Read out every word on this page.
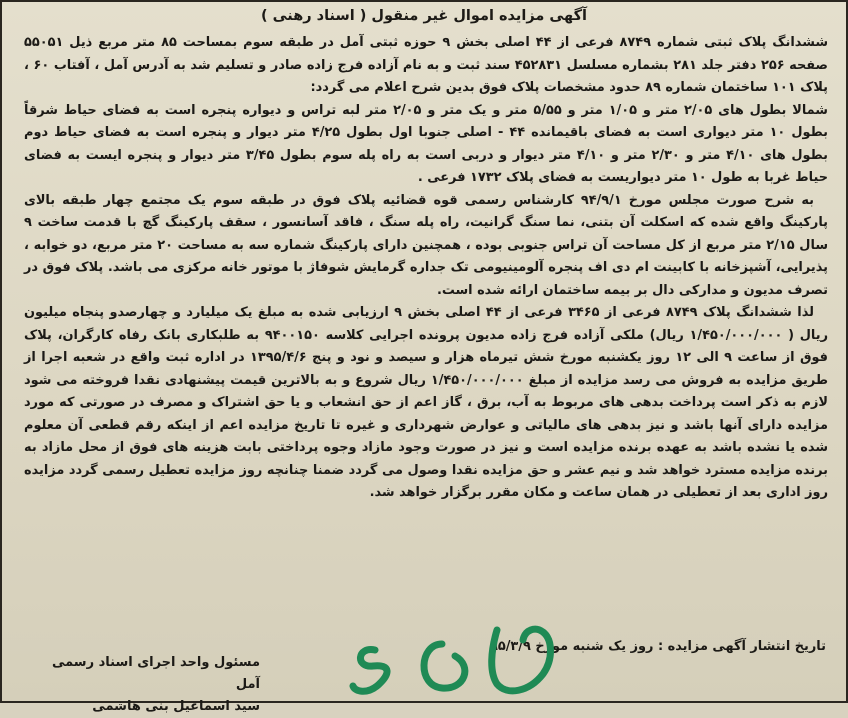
آگهی مزایده اموال غیر منقول ( اسناد رهنی )

ششدانگ پلاک ثبتی شماره ۸۷۴۹ فرعی از ۴۴ اصلی بخش ۹ حوزه ثبتی آمل در طبقه سوم بمساحت ۸۵ متر مربع ذیل ۵۵۰۵۱ صفحه ۲۵۶ دفتر جلد ۲۸۱ بشماره مسلسل ۴۵۲۸۳۱ سند ثبت و به نام آزاده فرج زاده صادر و تسلیم شد به آدرس آمل ، آفتاب ۶۰ ، پلاک ۱۰۱ ساختمان شماره ۸۹ حدود مشخصات پلاک فوق بدین شرح اعلام می گردد:

شمالا بطول های ۲/۰۵ متر و ۱/۰۵ متر و ۵/۵۵ متر و یک متر و ۲/۰۵ متر لبه تراس و دیواره پنجره است به فضای حیاط شرقاً بطول ۱۰ متر دیواری است به فضای باقیمانده ۴۴ - اصلی جنوبا اول بطول ۴/۲۵ متر دیوار و پنجره است به فضای حیاط دوم بطول های ۴/۱۰ متر و ۲/۳۰ متر و ۴/۱۰ متر دیوار و دربی است به راه پله سوم بطول ۳/۴۵ متر دیوار و پنجره ایست به فضای حیاط غربا به طول ۱۰ متر دیواریست به فضای پلاک ۱۷۳۲ فرعی .

به شرح صورت مجلس مورخ ۹۴/۹/۱ کارشناس رسمی قوه قضائیه پلاک فوق در طبقه سوم یک مجتمع چهار طبقه بالای پارکینگ واقع شده که اسکلت آن بتنی، نما سنگ گرانیت، راه پله سنگ ، فاقد آسانسور ، سقف پارکینگ گچ با قدمت ساخت ۹ سال ۲/۱۵ متر مربع از کل مساحت آن تراس جنوبی بوده ، همچنین دارای پارکینگ شماره سه به مساحت ۲۰ متر مربع، دو خوابه ، پذیرایی، آشپزخانه با کابینت ام دی اف پنجره آلومینیومی تک جداره گرمایش شوفاژ با موتور خانه مرکزی می باشد. پلاک فوق در تصرف مدیون و مدارکی دال بر بیمه ساختمان ارائه شده است.

لذا ششدانگ پلاک ۸۷۴۹ فرعی از ۳۴۶۵ فرعی از ۴۴ اصلی بخش ۹ ارزیابی شده به مبلغ یک میلیارد و چهارصدو پنجاه میلیون ریال ( ۱/۴۵۰/۰۰۰/۰۰۰ ریال) ملکی آزاده فرج زاده مدیون پرونده اجرایی کلاسه ۹۴۰۰۱۵۰ به طلبکاری بانک رفاه کارگران، پلاک فوق از ساعت ۹ الی ۱۲ روز یکشنبه مورخ شش تیرماه هزار و سیصد و نود و پنج ۱۳۹۵/۴/۶ در اداره ثبت واقع در شعبه اجرا از طریق مزایده به فروش می رسد مزایده از مبلغ ۱/۴۵۰/۰۰۰/۰۰۰ ریال شروع و به بالاترین قیمت پیشنهادی نقدا فروخته می شود لازم به ذکر است پرداخت بدهی های مربوط به آب، برق ، گاز اعم از حق انشعاب و یا حق اشتراک و مصرف در صورتی که مورد مزایده دارای آنها باشد و نیز بدهی های مالیاتی و عوارض شهرداری و غیره تا تاریخ مزایده اعم از اینکه رقم قطعی آن معلوم شده یا نشده باشد به عهده برنده مزایده است و نیز در صورت وجود مازاد وجوه پرداختی بابت هزینه های فوق از محل مازاد به برنده مزایده مسترد خواهد شد و نیم عشر و حق مزایده نقدا وصول می گردد ضمنا چنانچه روز مزایده تعطیل رسمی گردد مزایده روز اداری بعد از تعطیلی در همان ساعت و مکان مقرر برگزار خواهد شد.

تاریخ انتشار آگهی مزایده : روز یک شنبه مورخ ۹۵/۳/۹
مسئول واحد اجرای اسناد رسمی آمل
سید اسماعیل بنی هاشمی
